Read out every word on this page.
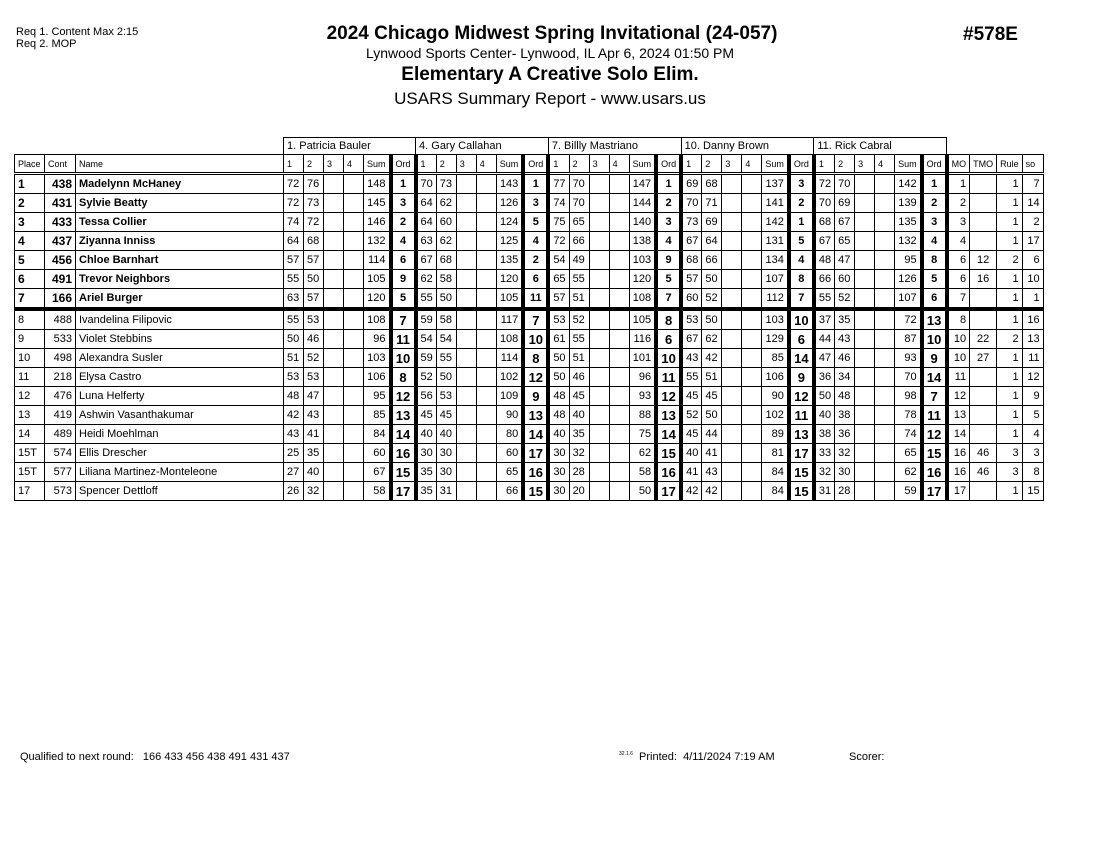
Req 1. Content Max 2:15
Req 2. MOP	2024 Chicago Midwest Spring Invitational (24-057)
Lynwood Sports Center- Lynwood, IL Apr 6, 2024 01:50 PM
Elementary A Creative Solo Elim.
USARS Summary Report - www.usars.us
#578E
			1. Patricia Bauler						4. Gary Callahan						7. Billly Mastriano						10. Danny Brown						11. Rick Cabral									
Place	Cont	Name	1	2	3	4	Sum	Ord	1	2	3	4	Sum	Ord	1	2	3	4	Sum	Ord	1	2	3	4	Sum	Ord	1	2	3	4	Sum	Ord	MO	TMO	Rule	so
1	438	Madelynn McHaney	72	76			148	1	70	73			143	1	77	70			147	1	69	68			137	3	72	70			142	1	1		1	7
2	431	Sylvie Beatty	72	73			145	3	64	62			126	3	74	70			144	2	70	71			141	2	70	69			139	2	2		1	14
3	433	Tessa Collier	74	72			146	2	64	60			124	5	75	65			140	3	73	69			142	1	68	67			135	3	3		1	2
4	437	Ziyanna Inniss	64	68			132	4	63	62			125	4	72	66			138	4	67	64			131	5	67	65			132	4	4		1	17
5	456	Chloe Barnhart	57	57			114	6	67	68			135	2	54	49			103	9	68	66			134	4	48	47			95	8	6	12	2	6
6	491	Trevor Neighbors	55	50			105	9	62	58			120	6	65	55			120	5	57	50			107	8	66	60			126	5	6	16	1	10
7	166	Ariel Burger	63	57			120	5	55	50			105	11	57	51			108	7	60	52			112	7	55	52			107	6	7		1	1
8	488	Ivandelina Filipovic	55	53			108	7	59	58			117	7	53	52			105	8	53	50			103	10	37	35			72	13	8		1	16
9	533	Violet Stebbins	50	46			96	11	54	54			108	10	61	55			116	6	67	62			129	6	44	43			87	10	10	22	2	13
10	498	Alexandra Susler	51	52			103	10	59	55			114	8	50	51			101	10	43	42			85	14	47	46			93	9	10	27	1	11
11	218	Elysa Castro	53	53			106	8	52	50			102	12	50	46			96	11	55	51			106	9	36	34			70	14	11		1	12
12	476	Luna Helferty	48	47			95	12	56	53			109	9	48	45			93	12	45	45			90	12	50	48			98	7	12		1	9
13	419	Ashwin Vasanthakumar	42	43			85	13	45	45			90	13	48	40			88	13	52	50			102	11	40	38			78	11	13		1	5
14	489	Heidi Moehlman	43	41			84	14	40	40			80	14	40	35			75	14	45	44			89	13	38	36			74	12	14		1	4
15T	574	Ellis Drescher	25	35			60	16	30	30			60	17	30	32			62	15	40	41			81	17	33	32			65	15	16	46	3	3
15T	577	Liliana Martinez-Monteleone	27	40			67	15	35	30			65	16	30	28			58	16	41	43			84	15	32	30			62	16	16	46	3	8
17	573	Spencer Dettloff	26	32			58	17	35	31			66	15	30	20			50	17	42	42			84	15	31	28			59	17	17		1	15
Qualified to next round: 166 433 456 438 491 431 437	$^{32.1.6}$ Printed: 4/11/2024 7:19 AM	Scorer:
